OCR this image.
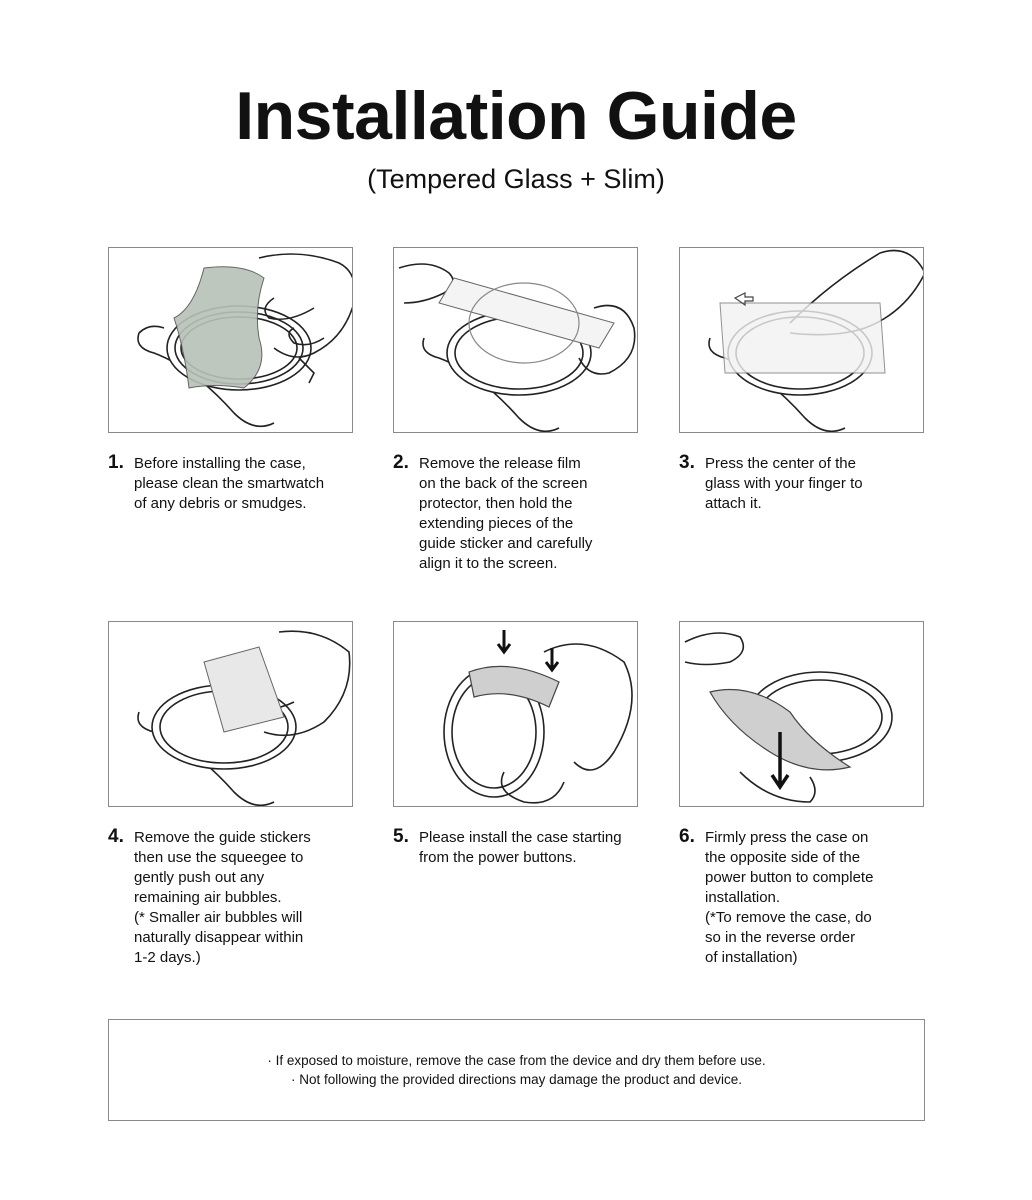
Installation Guide
(Tempered Glass + Slim)
1. Before installing the case,
please clean the smartwatch
of any debris or smudges.
2. Remove the release film
on the back of the screen
protector, then hold the
extending pieces of the
guide sticker and carefully
align it to the screen.
3. Press the center of the
glass with your finger to
attach it.
4. Remove the guide stickers
then use the squeegee to
gently push out any
remaining air bubbles.
(* Smaller air bubbles will
naturally disappear within
1-2 days.)
5. Please install the case starting
from the power buttons.
6. Firmly press the case on
the opposite side of the
power button to complete
installation.
(*To remove the case, do
so in the reverse order
of installation)
· If exposed to moisture, remove the case from the device and dry them before use.
· Not following the provided directions may damage the product and device.
